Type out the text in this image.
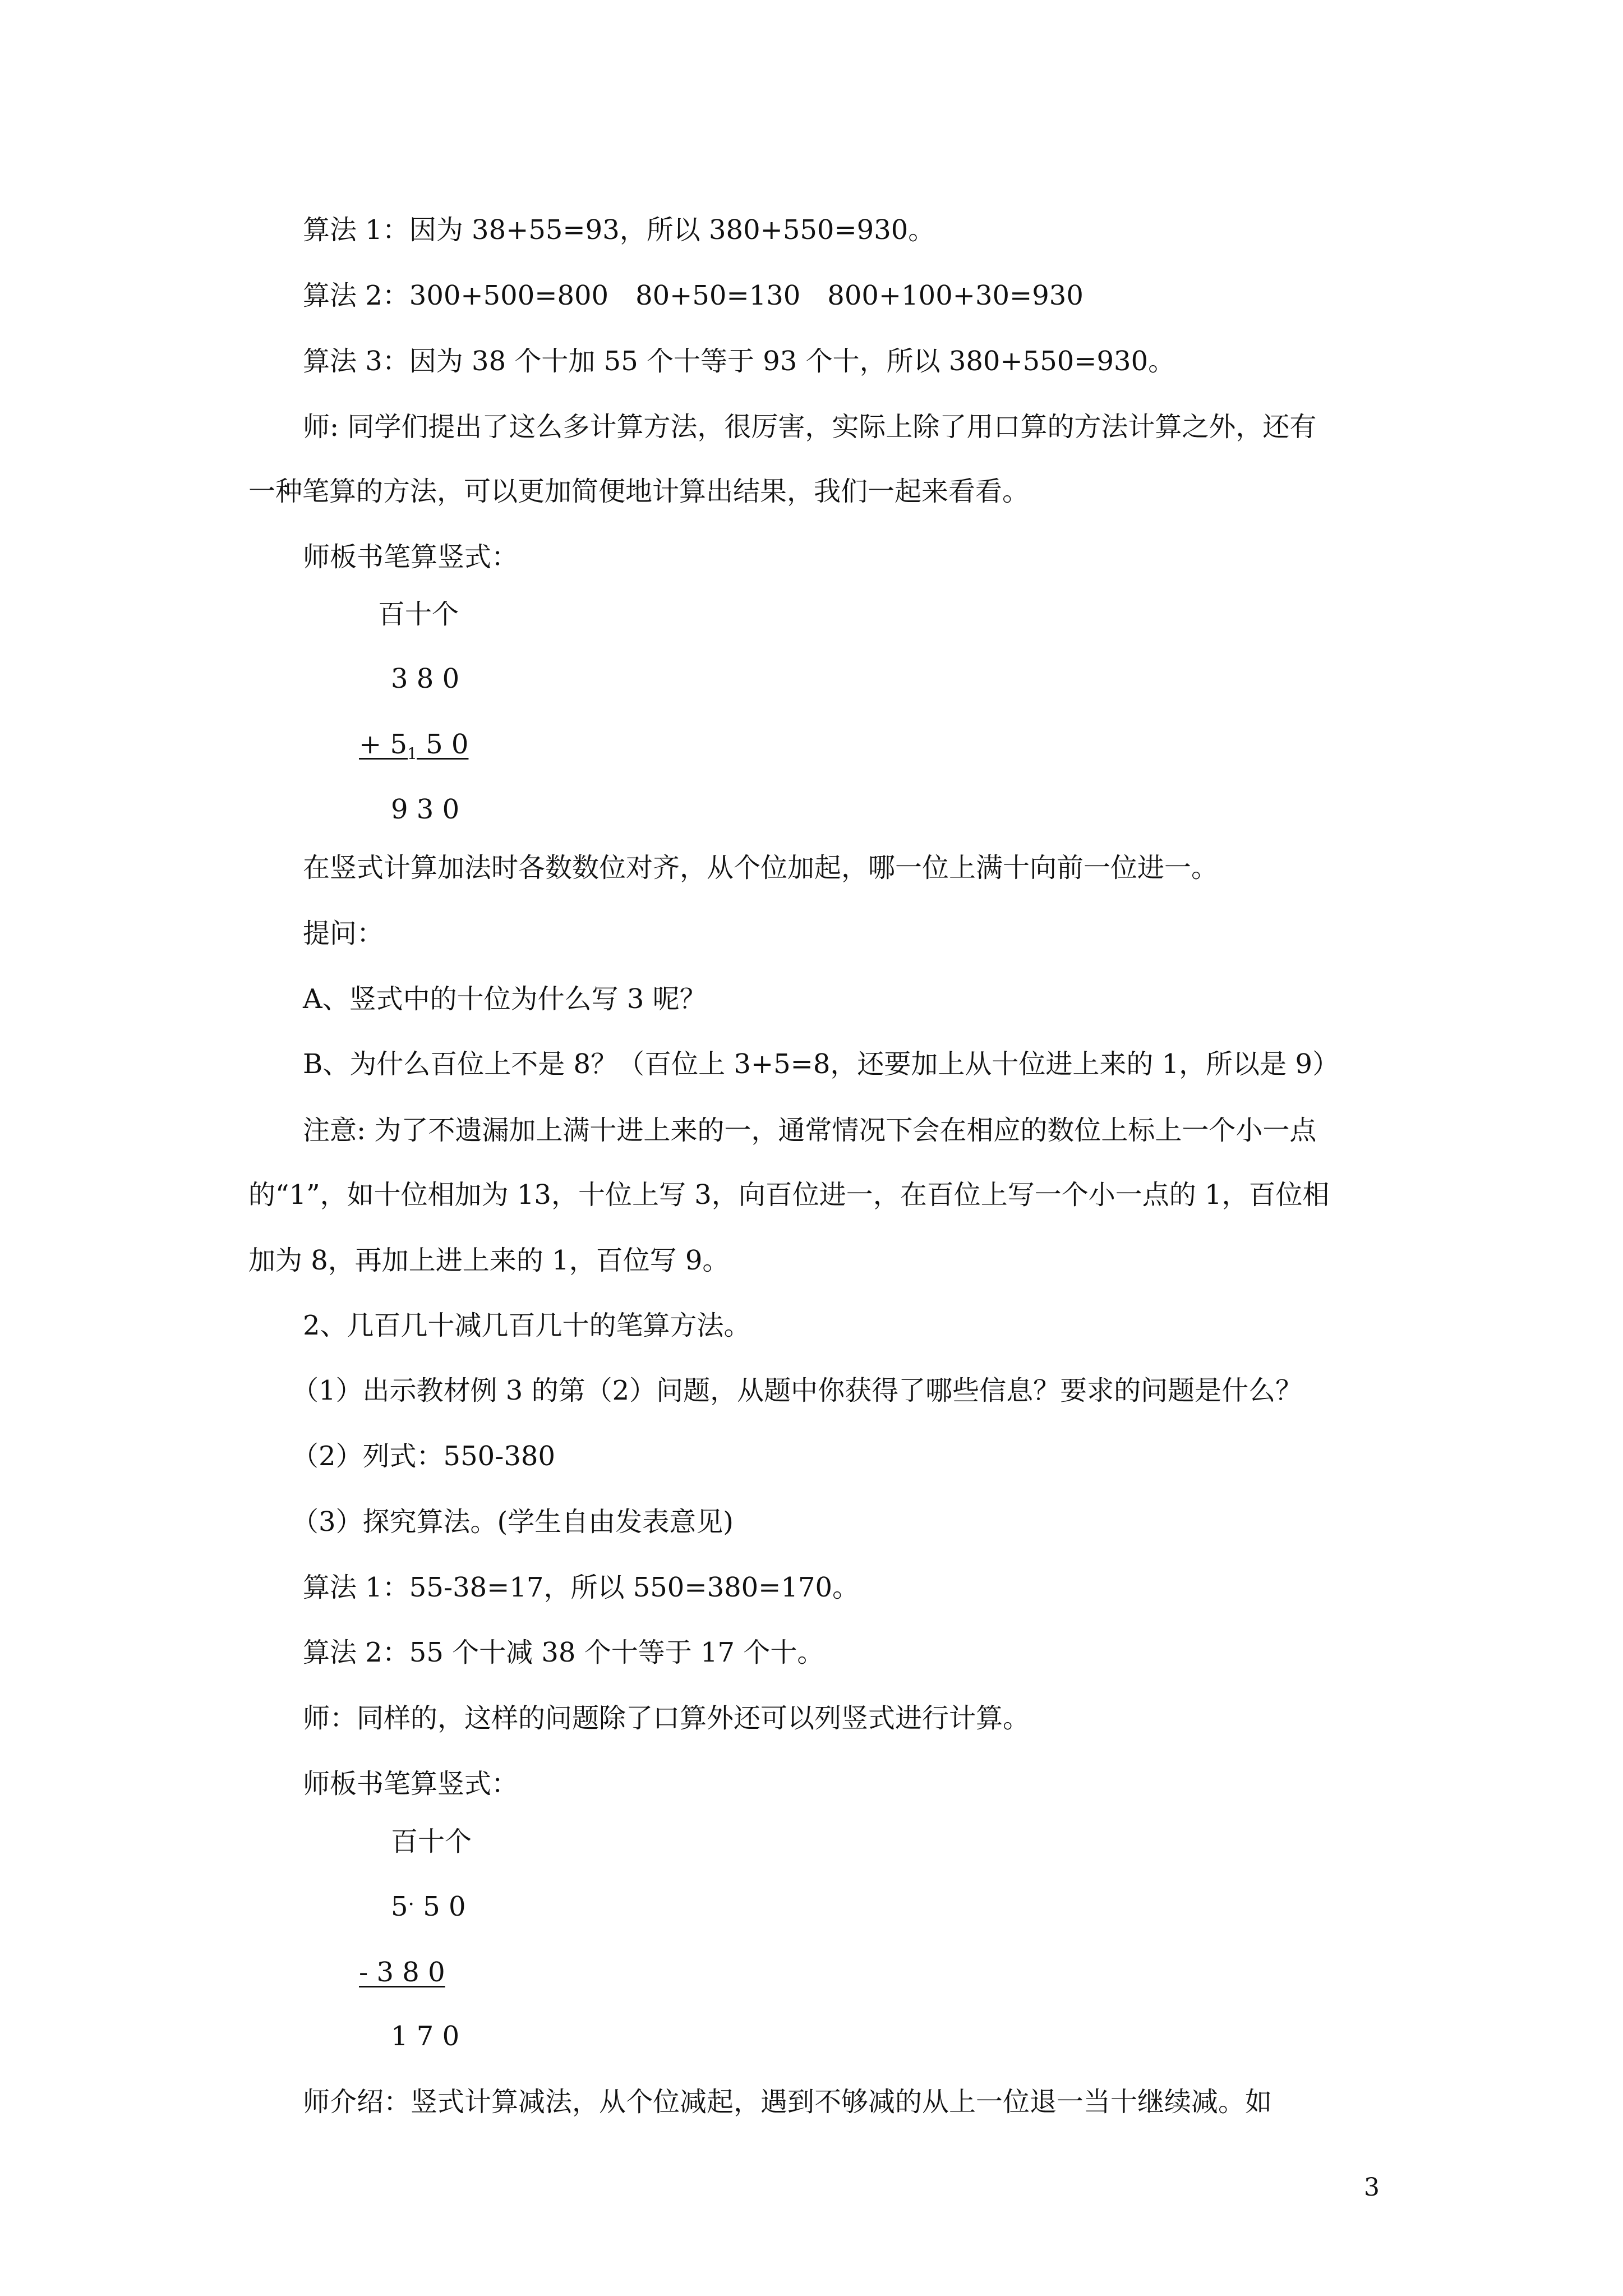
算法 1：因为 38+55=93，所以 380+550=930。
算法 2：300+500=800　80+50=130　800+100+30=930
算法 3：因为 38 个十加 55 个十等于 93 个十，所以 380+550=930。
师: 同学们提出了这么多计算方法，很厉害，实际上除了用口算的方法计算之外，还有
一种笔算的方法，可以更加简便地计算出结果，我们一起来看看。
师板书笔算竖式：
百十个
3 8 0
+ $5_1$ 5 0
9 3 0
在竖式计算加法时各数数位对齐，从个位加起，哪一位上满十向前一位进一。
提问：
A、竖式中的十位为什么写 3 呢？
B、为什么百位上不是 8？（百位上 3+5=8，还要加上从十位进上来的 1，所以是 9）
注意: 为了不遗漏加上满十进上来的一，通常情况下会在相应的数位上标上一个小一点
的“1”，如十位相加为 13，十位上写 3，向百位进一，在百位上写一个小一点的 1，百位相
加为 8，再加上进上来的 1，百位写 9。
2、几百几十减几百几十的笔算方法。
（1）出示教材例 3 的第（2）问题，从题中你获得了哪些信息？要求的问题是什么？
（2）列式：550-380
（3）探究算法。(学生自由发表意见)
算法 1：55-38=17，所以 550=380=170。
算法 2：55 个十减 38 个十等于 17 个十。
师：同样的，这样的问题除了口算外还可以列竖式进行计算。
师板书笔算竖式：
百十个
5· 5 0
- 3 8 0
1 7 0
师介绍：竖式计算减法，从个位减起，遇到不够减的从上一位退一当十继续减。如
3
